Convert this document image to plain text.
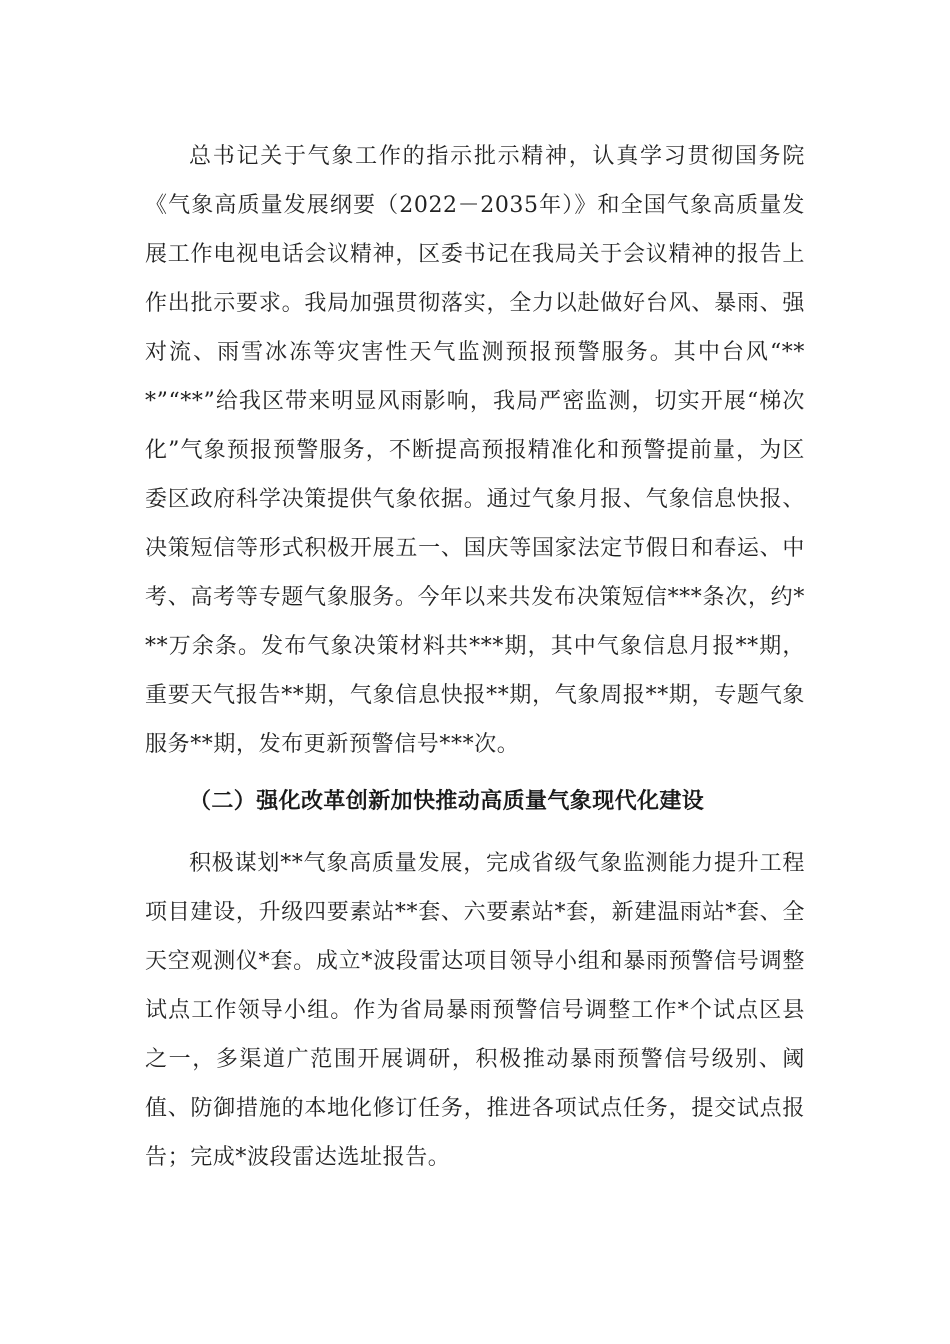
总书记关于气象工作的指示批示精神，认真学习贯彻国务院《气象高质量发展纲要（2022－2035年）》和全国气象高质量发展工作电视电话会议精神，区委书记在我局关于会议精神的报告上作出批示要求。我局加强贯彻落实，全力以赴做好台风、暴雨、强对流、雨雪冰冻等灾害性天气监测预报预警服务。其中台风“***”“**”给我区带来明显风雨影响，我局严密监测，切实开展“梯次化”气象预报预警服务，不断提高预报精准化和预警提前量，为区委区政府科学决策提供气象依据。通过气象月报、气象信息快报、决策短信等形式积极开展五一、国庆等国家法定节假日和春运、中考、高考等专题气象服务。今年以来共发布决策短信***条次，约***万余条。发布气象决策材料共***期，其中气象信息月报**期，重要天气报告**期，气象信息快报**期，气象周报**期，专题气象服务**期，发布更新预警信号***次。

（二）强化改革创新加快推动高质量气象现代化建设

积极谋划**气象高质量发展，完成省级气象监测能力提升工程项目建设，升级四要素站**套、六要素站*套，新建温雨站*套、全天空观测仪*套。成立*波段雷达项目领导小组和暴雨预警信号调整试点工作领导小组。作为省局暴雨预警信号调整工作*个试点区县之一，多渠道广范围开展调研，积极推动暴雨预警信号级别、阈值、防御措施的本地化修订任务，推进各项试点任务，提交试点报告；完成*波段雷达选址报告。
